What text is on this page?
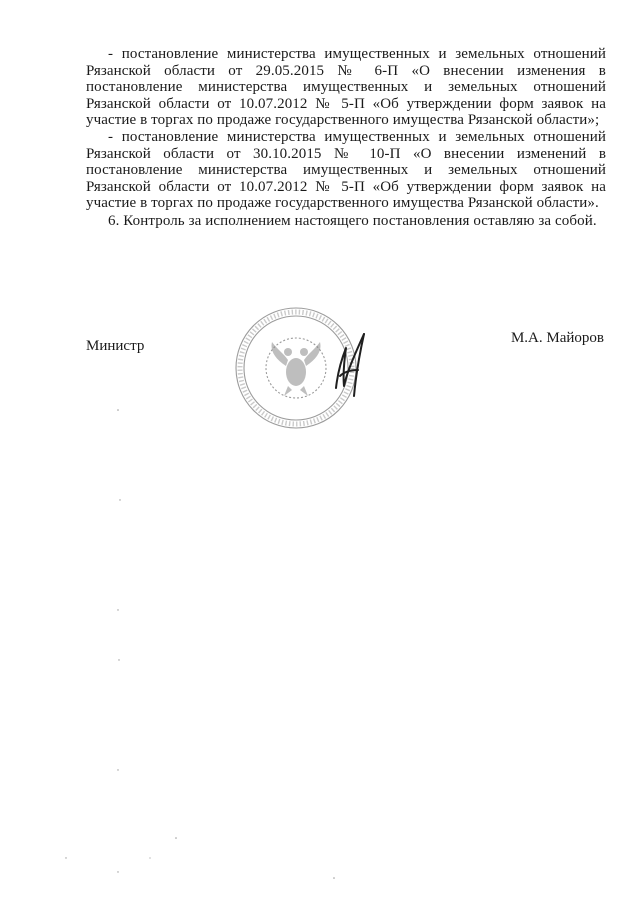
- постановление министерства имущественных и земельных отношений Рязанской области от 29.05.2015 № 6-П «О внесении изменения в постановление министерства имущественных и земельных отношений Рязанской области от 10.07.2012 № 5-П «Об утверждении форм заявок на участие в торгах по продаже государственного имущества Рязанской области»;

- постановление министерства имущественных и земельных отношений Рязанской области от 30.10.2015 № 10-П «О внесении изменений в постановление министерства имущественных и земельных отношений Рязанской области от 10.07.2012 № 5-П «Об утверждении форм заявок на участие в торгах по продаже государственного имущества Рязанской области».

6. Контроль за исполнением настоящего постановления оставляю за собой.

Министр	М.А. Майоров
